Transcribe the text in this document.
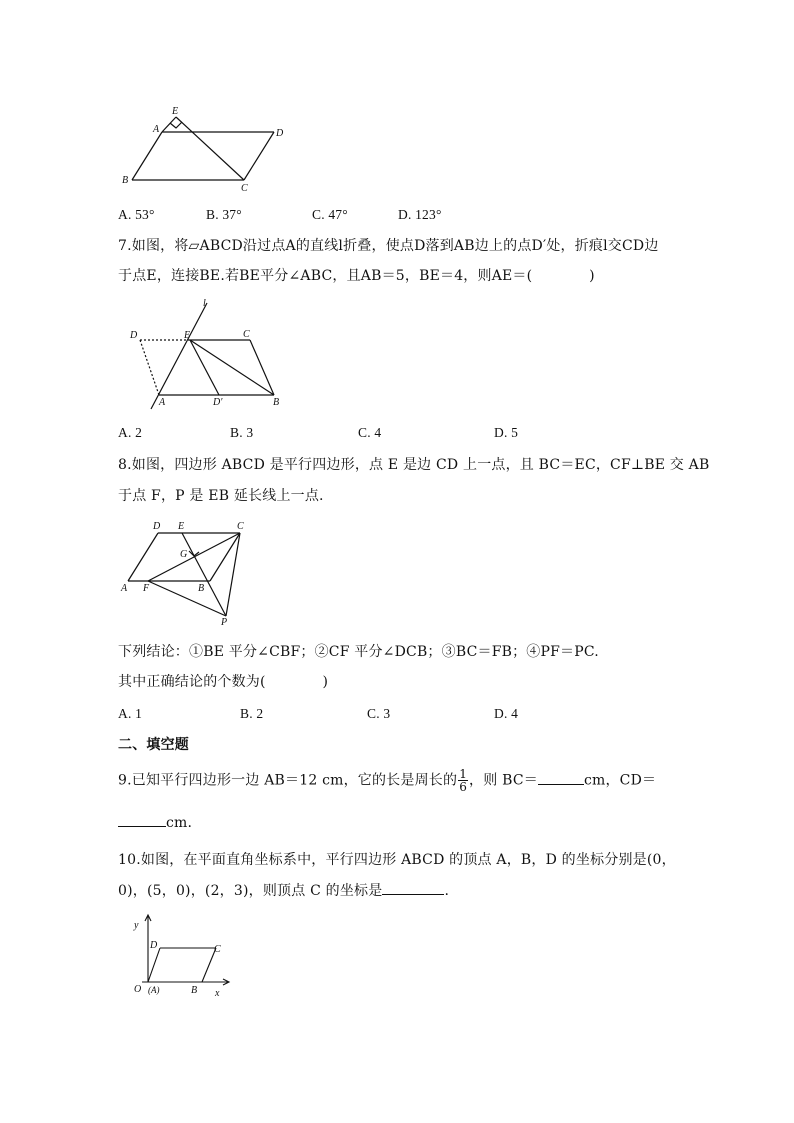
E
A	D
B
C
A. 53°	B. 37°	C. 47°	D. 123°
7.如图，将▱ABCD沿过点A的直线l折叠，使点D落到AB边上的点D′处，折痕l交CD边
于点E，连接BE.若BE平分∠ABC，且AB＝5，BE＝4，则AE＝(　　　　)
l
D	E	C
A	D′	B
A. 2	B. 3	C. 4	D. 5
8.如图，四边形 ABCD 是平行四边形，点 E 是边 CD 上一点，且 BC＝EC，CF⊥BE 交 AB
于点 F，P 是 EB 延长线上一点.
D E	C
G
A F	B
P
下列结论：①BE 平分∠CBF；②CF 平分∠DCB；③BC＝FB；④PF＝PC.
其中正确结论的个数为(　　　　)
A. 1	B. 2	C. 3	D. 4
二、填空题
9.已知平行四边形一边 AB＝12 cm，它的长是周长的 $\frac{1}{6}$ ，则 BC＝	cm，CD＝
cm.
10.如图，在平面直角坐标系中，平行四边形 ABCD 的顶点 A，B，D 的坐标分别是(0，
0)，(5，0)，(2，3)，则顶点 C 的坐标是	.
y
D	C
O (A)	B x
